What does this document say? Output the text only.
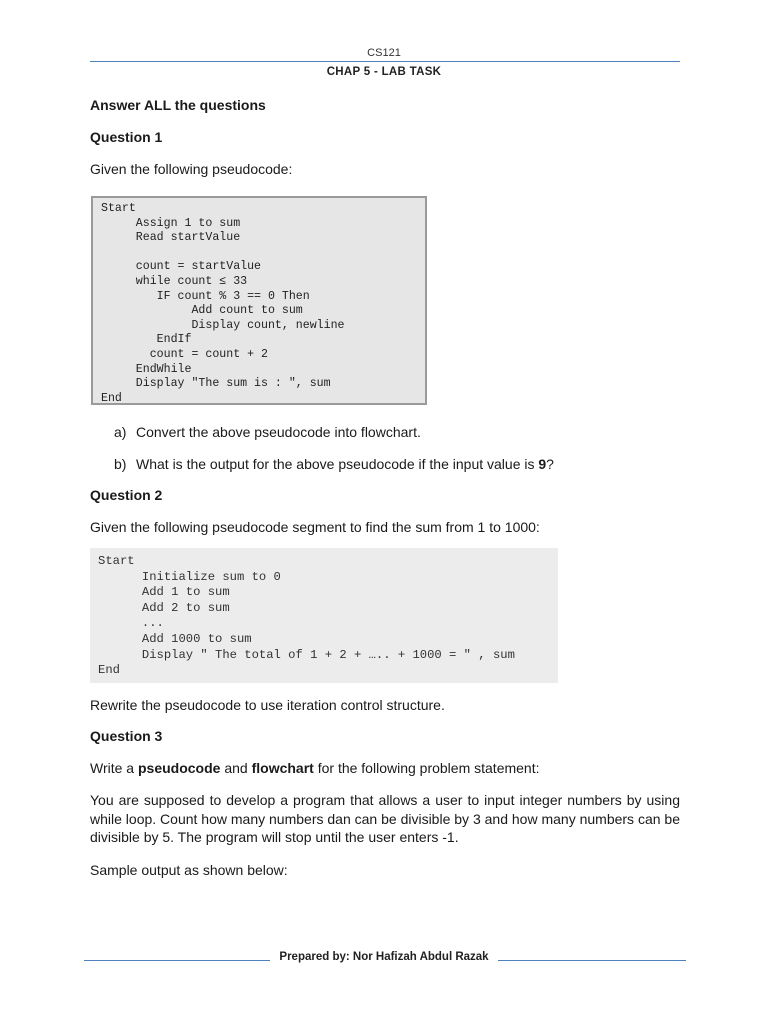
CS121
CHAP 5 - LAB TASK
Answer ALL the questions
Question 1
Given the following pseudocode:
Start
Assign 1 to sum
Read startValue

count = startValue
while count ≤ 33
IF count % 3 == 0 Then
Add count to sum
Display count, newline
EndIf
count = count + 2
EndWhile
Display "The sum is : ", sum
End
a) Convert the above pseudocode into flowchart.
b) What is the output for the above pseudocode if the input value is 9?
Question 2
Given the following pseudocode segment to find the sum from 1 to 1000:
Start
Initialize sum to 0
Add 1 to sum
Add 2 to sum
...
Add 1000 to sum
Display " The total of 1 + 2 + ….. + 1000 = " , sum
End
Rewrite the pseudocode to use iteration control structure.
Question 3
Write a pseudocode and flowchart for the following problem statement:
You are supposed to develop a program that allows a user to input integer numbers by using while loop. Count how many numbers dan can be divisible by 3 and how many numbers can be divisible by 5. The program will stop until the user enters -1.
Sample output as shown below:
Prepared by: Nor Hafizah Abdul Razak
